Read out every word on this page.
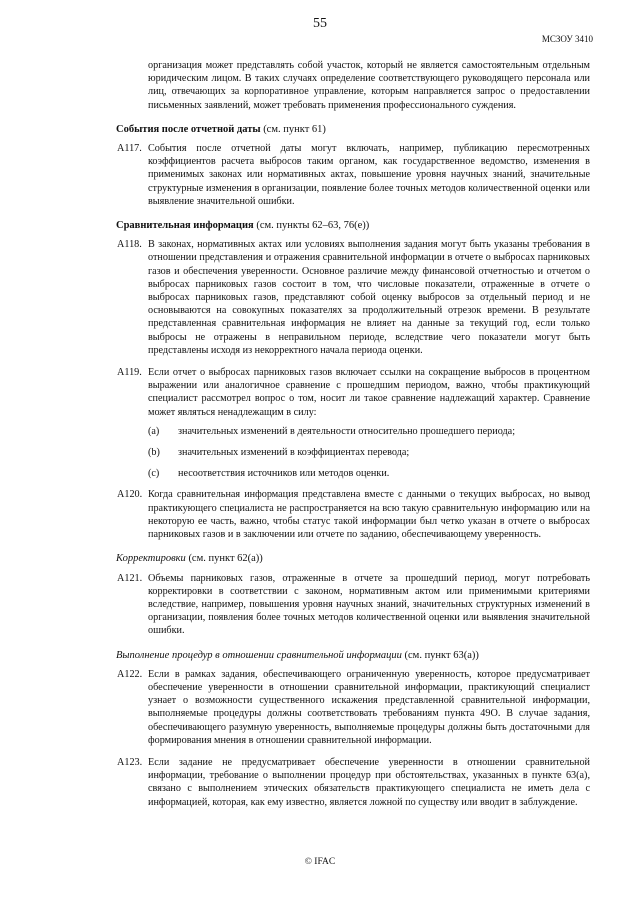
55
МСЗОУ 3410
организация может представлять собой участок, который не является самостоятельным отдельным юридическим лицом. В таких случаях определение соответствующего руководящего персонала или лиц, отвечающих за корпоративное управление, которым направляется запрос о предоставлении письменных заявлений, может требовать применения профессионального суждения.
События после отчетной даты (см. пункт 61)
A117. События после отчетной даты могут включать, например, публикацию пересмотренных коэффициентов расчета выбросов таким органом, как государственное ведомство, изменения в применимых законах или нормативных актах, повышение уровня научных знаний, значительные структурные изменения в организации, появление более точных методов количественной оценки или выявление значительной ошибки.
Сравнительная информация (см. пункты 62–63, 76(е))
A118. В законах, нормативных актах или условиях выполнения задания могут быть указаны требования в отношении представления и отражения сравнительной информации в отчете о выбросах парниковых газов и обеспечения уверенности. Основное различие между финансовой отчетностью и отчетом о выбросах парниковых газов состоит в том, что числовые показатели, отраженные в отчете о выбросах парниковых газов, представляют собой оценку выбросов за отдельный период и не основываются на совокупных показателях за продолжительный отрезок времени. В результате представленная сравнительная информация не влияет на данные за текущий год, если только выбросы не отражены в неправильном периоде, вследствие чего показатели могут быть представлены исходя из некорректного начала периода оценки.
A119. Если отчет о выбросах парниковых газов включает ссылки на сокращение выбросов в процентном выражении или аналогичное сравнение с прошедшим периодом, важно, чтобы практикующий специалист рассмотрел вопрос о том, носит ли такое сравнение надлежащий характер. Сравнение может являться ненадлежащим в силу:
(a) значительных изменений в деятельности относительно прошедшего периода;
(b) значительных изменений в коэффициентах перевода;
(c) несоответствия источников или методов оценки.
A120. Когда сравнительная информация представлена вместе с данными о текущих выбросах, но вывод практикующего специалиста не распространяется на всю такую сравнительную информацию или на некоторую ее часть, важно, чтобы статус такой информации был четко указан в отчете о выбросах парниковых газов и в заключении или отчете по заданию, обеспечивающему уверенность.
Корректировки (см. пункт 62(a))
A121. Объемы парниковых газов, отраженные в отчете за прошедший период, могут потребовать корректировки в соответствии с законом, нормативным актом или применимыми критериями вследствие, например, повышения уровня научных знаний, значительных структурных изменений в организации, появления более точных методов количественной оценки или выявления значительной ошибки.
Выполнение процедур в отношении сравнительной информации (см. пункт 63(a))
A122. Если в рамках задания, обеспечивающего ограниченную уверенность, которое предусматривает обеспечение уверенности в отношении сравнительной информации, практикующий специалист узнает о возможности существенного искажения представленной сравнительной информации, выполняемые процедуры должны соответствовать требованиям пункта 49О. В случае задания, обеспечивающего разумную уверенность, выполняемые процедуры должны быть достаточными для формирования мнения в отношении сравнительной информации.
A123. Если задание не предусматривает обеспечение уверенности в отношении сравнительной информации, требование о выполнении процедур при обстоятельствах, указанных в пункте 63(a), связано с выполнением этических обязательств практикующего специалиста не иметь дела с информацией, которая, как ему известно, является ложной по существу или вводит в заблуждение.
© IFAC
